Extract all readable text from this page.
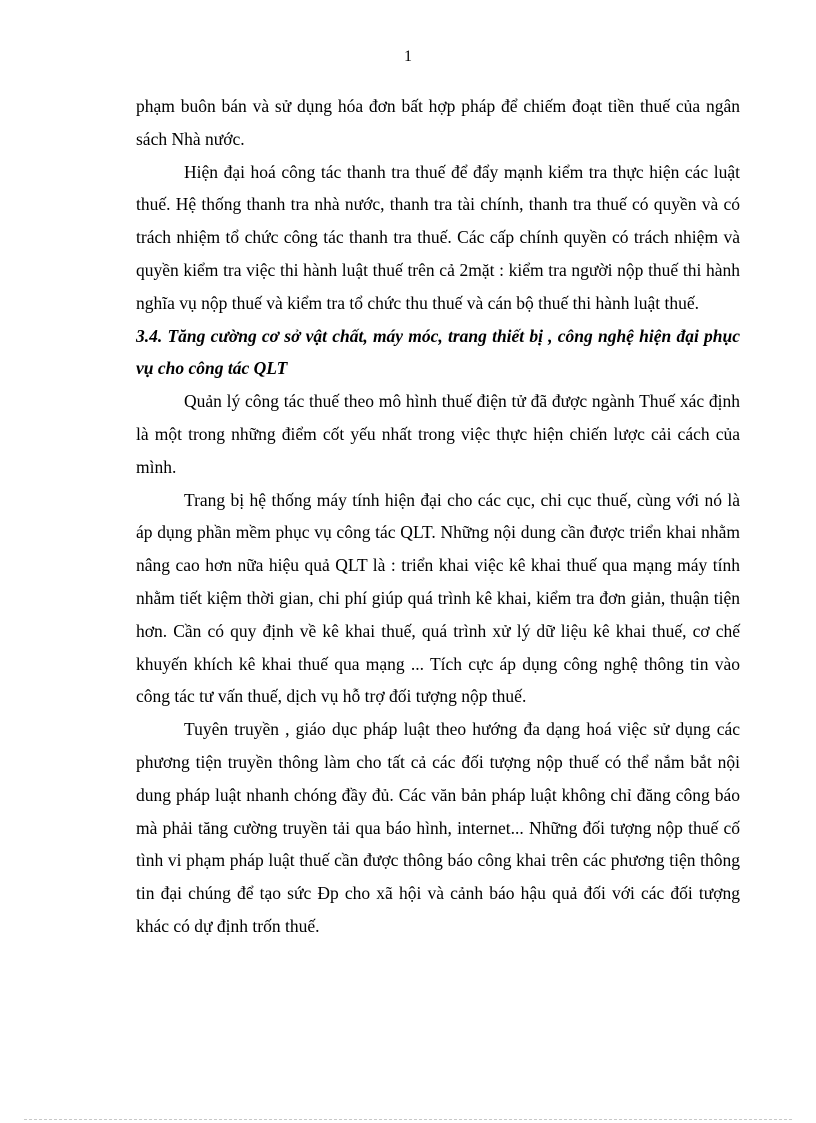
1

phạm buôn bán và sử dụng hóa đơn bất hợp pháp để chiếm đoạt tiền thuế của ngân sách Nhà nước.

Hiện đại hoá công tác thanh tra thuế để đẩy mạnh kiểm tra thực hiện các luật thuế. Hệ thống thanh tra nhà nước, thanh tra tài chính, thanh tra thuế có quyền và có trách nhiệm tổ chức công tác thanh tra thuế. Các cấp chính quyền có trách nhiệm và quyền kiểm tra việc thi hành luật thuế trên cả 2mặt : kiểm tra người nộp thuế thi hành nghĩa vụ nộp thuế và kiểm tra tổ chức thu thuế và cán bộ thuế thi hành luật thuế.

3.4. Tăng cường cơ sở vật chất, máy móc, trang thiết bị , công nghệ hiện đại phục vụ cho công tác QLT

Quản lý công tác thuế theo mô hình thuế điện tử đã được ngành Thuế xác định là một trong những điểm cốt yếu nhất trong việc thực hiện chiến lược cải cách của mình.

Trang bị hệ thống máy tính hiện đại cho các cục, chi cục thuế, cùng với nó là áp dụng phần mềm phục vụ công tác QLT. Những nội dung cần được triển khai nhằm nâng cao hơn nữa hiệu quả QLT là : triển khai việc kê khai thuế qua mạng máy tính nhằm tiết kiệm thời gian, chi phí giúp quá trình kê khai, kiểm tra đơn giản, thuận tiện hơn. Cần có quy định về kê khai thuế, quá trình xử lý dữ liệu kê khai thuế, cơ chế khuyến khích kê khai thuế qua mạng ... Tích cực áp dụng công nghệ thông tin vào công tác tư vấn thuế, dịch vụ hỗ trợ đối tượng nộp thuế.

Tuyên truyền , giáo dục pháp luật theo hướng đa dạng hoá việc sử dụng các phương tiện truyền thông làm cho tất cả các đối tượng nộp thuế có thể nắm bắt nội dung pháp luật nhanh chóng đầy đủ. Các văn bản pháp luật không chỉ đăng công báo mà phải tăng cường truyền tải qua báo hình, internet... Những đối tượng nộp thuế cố tình vi phạm pháp luật thuế cần được thông báo công khai trên các phương tiện thông tin đại chúng để tạo sức Đp cho xã hội và cảnh báo hậu quả đối với các đối tượng khác có dự định trốn thuế.
